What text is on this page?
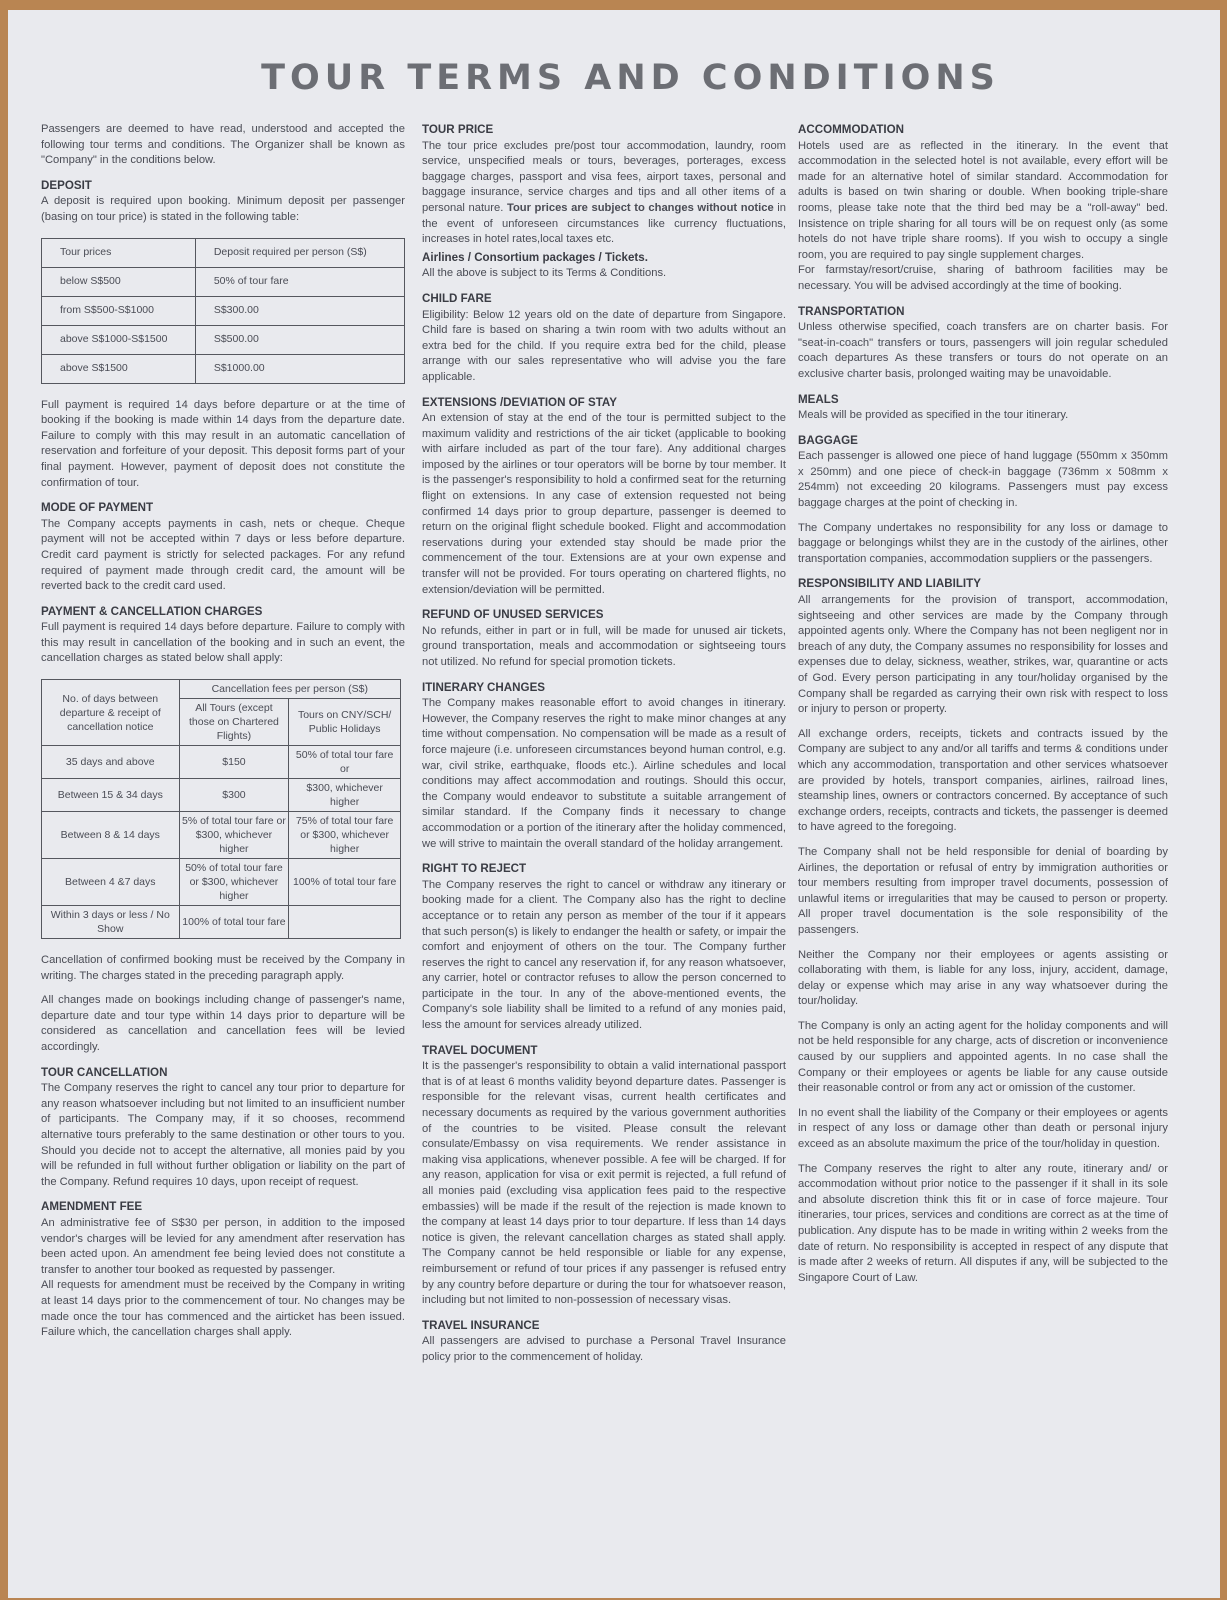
TOUR TERMS AND CONDITIONS

Passengers are deemed to have read, understood and accepted the following tour terms and conditions. The Organizer shall be known as "Company" in the conditions below.

DEPOSIT

A deposit is required upon booking. Minimum deposit per passenger (basing on tour price) is stated in the following table:

Tour prices	Deposit required per person (S$)
below S$500	50% of tour fare
from S$500-S$1000	S$300.00
above S$1000-S$1500	S$500.00
above S$1500	S$1000.00

Full payment is required 14 days before departure or at the time of booking if the booking is made within 14 days from the departure date. Failure to comply with this may result in an automatic cancellation of reservation and forfeiture of your deposit. This deposit forms part of your final payment. However, payment of deposit does not constitute the confirmation of tour.

MODE OF PAYMENT

The Company accepts payments in cash, nets or cheque. Cheque payment will not be accepted within 7 days or less before departure. Credit card payment is strictly for selected packages. For any refund required of payment made through credit card, the amount will be reverted back to the credit card used.

PAYMENT & CANCELLATION CHARGES

Full payment is required 14 days before departure. Failure to comply with this may result in cancellation of the booking and in such an event, the cancellation charges as stated below shall apply:

No. of days between departure & receipt of cancellation notice	Cancellation fees per person (S$)	
	All Tours (except those on Chartered Flights)	Tours on CNY/SCH/ Public Holidays
35 days and above	$150	50% of total tour fare or
Between 15 & 34 days	$300	$300, whichever higher
Between 8 & 14 days	5% of total tour fare or $300, whichever higher	75% of total tour fare or $300, whichever higher
Between 4 &7 days	50% of total tour fare or $300, whichever higher	100% of total tour fare
Within 3 days or less / No Show	100% of total tour fare	

Cancellation of confirmed booking must be received by the Company in writing. The charges stated in the preceding paragraph apply.

All changes made on bookings including change of passenger's name, departure date and tour type within 14 days prior to departure will be considered as cancellation and cancellation fees will be levied accordingly.

TOUR CANCELLATION

The Company reserves the right to cancel any tour prior to departure for any reason whatsoever including but not limited to an insufficient number of participants. The Company may, if it so chooses, recommend alternative tours preferably to the same destination or other tours to you. Should you decide not to accept the alternative, all monies paid by you will be refunded in full without further obligation or liability on the part of the Company. Refund requires 10 days, upon receipt of request.

AMENDMENT FEE

An administrative fee of S$30 per person, in addition to the imposed vendor's charges will be levied for any amendment after reservation has been acted upon. An amendment fee being levied does not constitute a transfer to another tour booked as requested by passenger.

All requests for amendment must be received by the Company in writing at least 14 days prior to the commencement of tour. No changes may be made once the tour has commenced and the airticket has been issued. Failure which, the cancellation charges shall apply.

TOUR PRICE

The tour price excludes pre/post tour accommodation, laundry, room service, unspecified meals or tours, beverages, porterages, excess baggage charges, passport and visa fees, airport taxes, personal and baggage insurance, service charges and tips and all other items of a personal nature. Tour prices are subject to changes without notice in the event of unforeseen circumstances like currency fluctuations, increases in hotel rates,local taxes etc.

Airlines / Consortium packages / Tickets.

All the above is subject to its Terms & Conditions.

CHILD FARE

Eligibility: Below 12 years old on the date of departure from Singapore. Child fare is based on sharing a twin room with two adults without an extra bed for the child. If you require extra bed for the child, please arrange with our sales representative who will advise you the fare applicable.

EXTENSIONS /DEVIATION OF STAY

An extension of stay at the end of the tour is permitted subject to the maximum validity and restrictions of the air ticket (applicable to booking with airfare included as part of the tour fare). Any additional charges imposed by the airlines or tour operators will be borne by tour member. It is the passenger's responsibility to hold a confirmed seat for the returning flight on extensions. In any case of extension requested not being confirmed 14 days prior to group departure, passenger is deemed to return on the original flight schedule booked. Flight and accommodation reservations during your extended stay should be made prior the commencement of the tour. Extensions are at your own expense and transfer will not be provided. For tours operating on chartered flights, no extension/deviation will be permitted.

REFUND OF UNUSED SERVICES

No refunds, either in part or in full, will be made for unused air tickets, ground transportation, meals and accommodation or sightseeing tours not utilized. No refund for special promotion tickets.

ITINERARY CHANGES

The Company makes reasonable effort to avoid changes in itinerary. However, the Company reserves the right to make minor changes at any time without compensation. No compensation will be made as a result of force majeure (i.e. unforeseen circumstances beyond human control, e.g. war, civil strike, earthquake, floods etc.). Airline schedules and local conditions may affect accommodation and routings. Should this occur, the Company would endeavor to substitute a suitable arrangement of similar standard. If the Company finds it necessary to change accommodation or a portion of the itinerary after the holiday commenced, we will strive to maintain the overall standard of the holiday arrangement.

RIGHT TO REJECT

The Company reserves the right to cancel or withdraw any itinerary or booking made for a client. The Company also has the right to decline acceptance or to retain any person as member of the tour if it appears that such person(s) is likely to endanger the health or safety, or impair the comfort and enjoyment of others on the tour. The Company further reserves the right to cancel any reservation if, for any reason whatsoever, any carrier, hotel or contractor refuses to allow the person concerned to participate in the tour. In any of the above-mentioned events, the Company's sole liability shall be limited to a refund of any monies paid, less the amount for services already utilized.

TRAVEL DOCUMENT

It is the passenger's responsibility to obtain a valid international passport that is of at least 6 months validity beyond departure dates. Passenger is responsible for the relevant visas, current health certificates and necessary documents as required by the various government authorities of the countries to be visited. Please consult the relevant consulate/Embassy on visa requirements. We render assistance in making visa applications, whenever possible. A fee will be charged. If for any reason, application for visa or exit permit is rejected, a full refund of all monies paid (excluding visa application fees paid to the respective embassies) will be made if the result of the rejection is made known to the company at least 14 days prior to tour departure. If less than 14 days notice is given, the relevant cancellation charges as stated shall apply. The Company cannot be held responsible or liable for any expense, reimbursement or refund of tour prices if any passenger is refused entry by any country before departure or during the tour for whatsoever reason, including but not limited to non-possession of necessary visas.

TRAVEL INSURANCE

All passengers are advised to purchase a Personal Travel Insurance policy prior to the commencement of holiday.

ACCOMMODATION

Hotels used are as reflected in the itinerary. In the event that accommodation in the selected hotel is not available, every effort will be made for an alternative hotel of similar standard. Accommodation for adults is based on twin sharing or double. When booking triple-share rooms, please take note that the third bed may be a "roll-away" bed. Insistence on triple sharing for all tours will be on request only (as some hotels do not have triple share rooms). If you wish to occupy a single room, you are required to pay single supplement charges.

For farmstay/resort/cruise, sharing of bathroom facilities may be necessary. You will be advised accordingly at the time of booking.

TRANSPORTATION

Unless otherwise specified, coach transfers are on charter basis. For "seat-in-coach" transfers or tours, passengers will join regular scheduled coach departures As these transfers or tours do not operate on an exclusive charter basis, prolonged waiting may be unavoidable.

MEALS

Meals will be provided as specified in the tour itinerary.

BAGGAGE

Each passenger is allowed one piece of hand luggage (550mm x 350mm x 250mm) and one piece of check-in baggage (736mm x 508mm x 254mm) not exceeding 20 kilograms. Passengers must pay excess baggage charges at the point of checking in.

The Company undertakes no responsibility for any loss or damage to baggage or belongings whilst they are in the custody of the airlines, other transportation companies, accommodation suppliers or the passengers.

RESPONSIBILITY AND LIABILITY

All arrangements for the provision of transport, accommodation, sightseeing and other services are made by the Company through appointed agents only. Where the Company has not been negligent nor in breach of any duty, the Company assumes no responsibility for losses and expenses due to delay, sickness, weather, strikes, war, quarantine or acts of God. Every person participating in any tour/holiday organised by the Company shall be regarded as carrying their own risk with respect to loss or injury to person or property.

All exchange orders, receipts, tickets and contracts issued by the Company are subject to any and/or all tariffs and terms & conditions under which any accommodation, transportation and other services whatsoever are provided by hotels, transport companies, airlines, railroad lines, steamship lines, owners or contractors concerned. By acceptance of such exchange orders, receipts, contracts and tickets, the passenger is deemed to have agreed to the foregoing.

The Company shall not be held responsible for denial of boarding by Airlines, the deportation or refusal of entry by immigration authorities or tour members resulting from improper travel documents, possession of unlawful items or irregularities that may be caused to person or property. All proper travel documentation is the sole responsibility of the passengers.

Neither the Company nor their employees or agents assisting or collaborating with them, is liable for any loss, injury, accident, damage, delay or expense which may arise in any way whatsoever during the tour/holiday.

The Company is only an acting agent for the holiday components and will not be held responsible for any charge, acts of discretion or inconvenience caused by our suppliers and appointed agents. In no case shall the Company or their employees or agents be liable for any cause outside their reasonable control or from any act or omission of the customer.

In no event shall the liability of the Company or their employees or agents in respect of any loss or damage other than death or personal injury exceed as an absolute maximum the price of the tour/holiday in question.

The Company reserves the right to alter any route, itinerary and/ or accommodation without prior notice to the passenger if it shall in its sole and absolute discretion think this fit or in case of force majeure. Tour itineraries, tour prices, services and conditions are correct as at the time of publication. Any dispute has to be made in writing within 2 weeks from the date of return. No responsibility is accepted in respect of any dispute that is made after 2 weeks of return. All disputes if any, will be subjected to the Singapore Court of Law.
